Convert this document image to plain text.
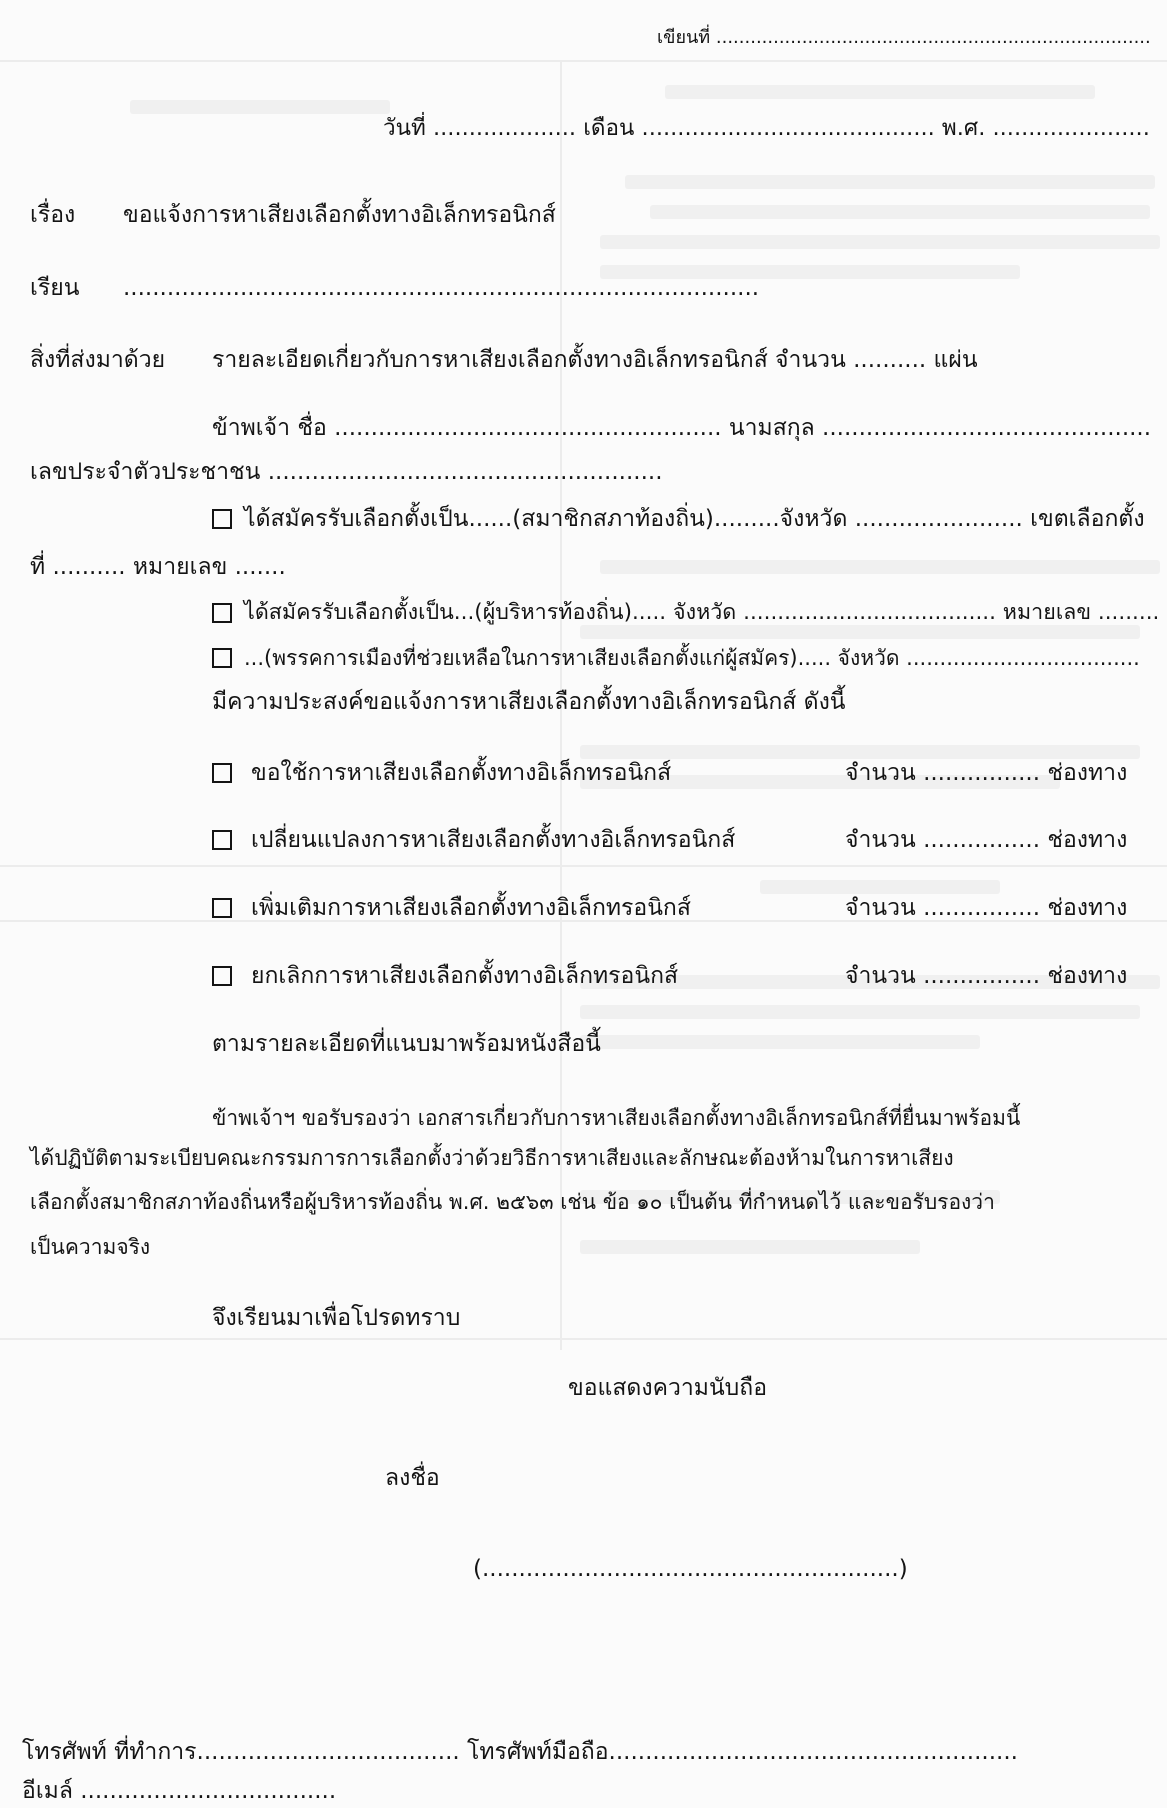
เขียนที่ ............................................................................
วันที่ .................... เดือน ......................................... พ.ศ. ......................
เรื่อง ขอแจ้งการหาเสียงเลือกตั้งทางอิเล็กทรอนิกส์
เรียน .......................................................................................
สิ่งที่ส่งมาด้วย รายละเอียดเกี่ยวกับการหาเสียงเลือกตั้งทางอิเล็กทรอนิกส์ จำนวน .......... แผ่น
ข้าพเจ้า ชื่อ ..................................................... นามสกุล .............................................
เลขประจำตัวประชาชน ......................................................
ได้สมัครรับเลือกตั้งเป็น......(สมาชิกสภาท้องถิ่น).........จังหวัด ....................... เขตเลือกตั้ง
ที่ .......... หมายเลข .......
ได้สมัครรับเลือกตั้งเป็น...(ผู้บริหารท้องถิ่น)..... จังหวัด ..................................... หมายเลข .........
...(พรรคการเมืองที่ช่วยเหลือในการหาเสียงเลือกตั้งแก่ผู้สมัคร)..... จังหวัด ...................................
มีความประสงค์ขอแจ้งการหาเสียงเลือกตั้งทางอิเล็กทรอนิกส์ ดังนี้
ขอใช้การหาเสียงเลือกตั้งทางอิเล็กทรอนิกส์	จำนวน ................ ช่องทาง
เปลี่ยนแปลงการหาเสียงเลือกตั้งทางอิเล็กทรอนิกส์	จำนวน ................ ช่องทาง
เพิ่มเติมการหาเสียงเลือกตั้งทางอิเล็กทรอนิกส์	จำนวน ................ ช่องทาง
ยกเลิกการหาเสียงเลือกตั้งทางอิเล็กทรอนิกส์	จำนวน ................ ช่องทาง
ตามรายละเอียดที่แนบมาพร้อมหนังสือนี้
ข้าพเจ้าฯ ขอรับรองว่า เอกสารเกี่ยวกับการหาเสียงเลือกตั้งทางอิเล็กทรอนิกส์ที่ยื่นมาพร้อมนี้
ได้ปฏิบัติตามระเบียบคณะกรรมการการเลือกตั้งว่าด้วยวิธีการหาเสียงและลักษณะต้องห้ามในการหาเสียง
เลือกตั้งสมาชิกสภาท้องถิ่นหรือผู้บริหารท้องถิ่น พ.ศ. ๒๕๖๓ เช่น ข้อ ๑๐ เป็นต้น ที่กำหนดไว้ และขอรับรองว่า
เป็นความจริง
จึงเรียนมาเพื่อโปรดทราบ
ขอแสดงความนับถือ
ลงชื่อ
(.........................................................)
โทรศัพท์ ที่ทำการ.................................... โทรศัพท์มือถือ........................................................
อีเมล์ ...................................
